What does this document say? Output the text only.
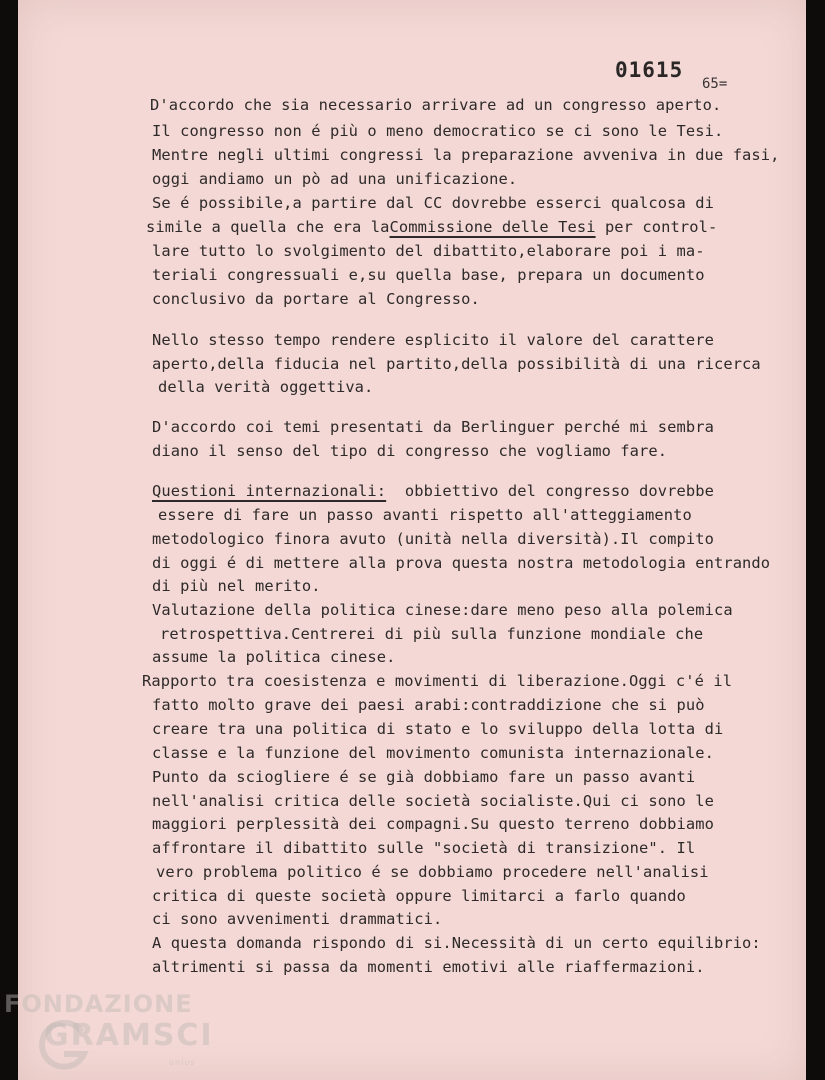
01615
65=
D'accordo che sia necessario arrivare ad un congresso aperto.
Il congresso non é più o meno democratico se ci sono le Tesi.
Mentre negli ultimi congressi la preparazione avveniva in due fasi,
oggi andiamo un pò ad una unificazione.
Se é possibile,a partire dal CC dovrebbe esserci qualcosa di
simile a quella che era laCommissione delle Tesi per control-
lare tutto lo svolgimento del dibattito,elaborare poi i ma-
teriali congressuali e,su quella base, prepara un documento
conclusivo da portare al Congresso.
Nello stesso tempo rendere esplicito il valore del carattere
aperto,della fiducia nel partito,della possibilità di una ricerca
della verità oggettiva.
D'accordo coi temi presentati da Berlinguer perché mi sembra
diano il senso del tipo di congresso che vogliamo fare.
Questioni internazionali:  obbiettivo del congresso dovrebbe
essere di fare un passo avanti rispetto all'atteggiamento
metodologico finora avuto (unità nella diversità).Il compito
di oggi é di mettere alla prova questa nostra metodologia entrando
di più nel merito.
Valutazione della politica cinese:dare meno peso alla polemica
retrospettiva.Centrerei di più sulla funzione mondiale che
assume la politica cinese.
Rapporto tra coesistenza e movimenti di liberazione.Oggi c'é il
fatto molto grave dei paesi arabi:contraddizione che si può
creare tra una politica di stato e lo sviluppo della lotta di
classe e la funzione del movimento comunista internazionale.
Punto da sciogliere é se già dobbiamo fare un passo avanti
nell'analisi critica delle società socialiste.Qui ci sono le
maggiori perplessità dei compagni.Su questo terreno dobbiamo
affrontare il dibattito sulle "società di transizione". Il
vero problema politico é se dobbiamo procedere nell'analisi
critica di queste società oppure limitarci a farlo quando
ci sono avvenimenti drammatici.
A questa domanda rispondo di si.Necessità di un certo equilibrio:
altrimenti si passa da momenti emotivi alle riaffermazioni.
FONDAZIONE
GRAMSCI
onlus
